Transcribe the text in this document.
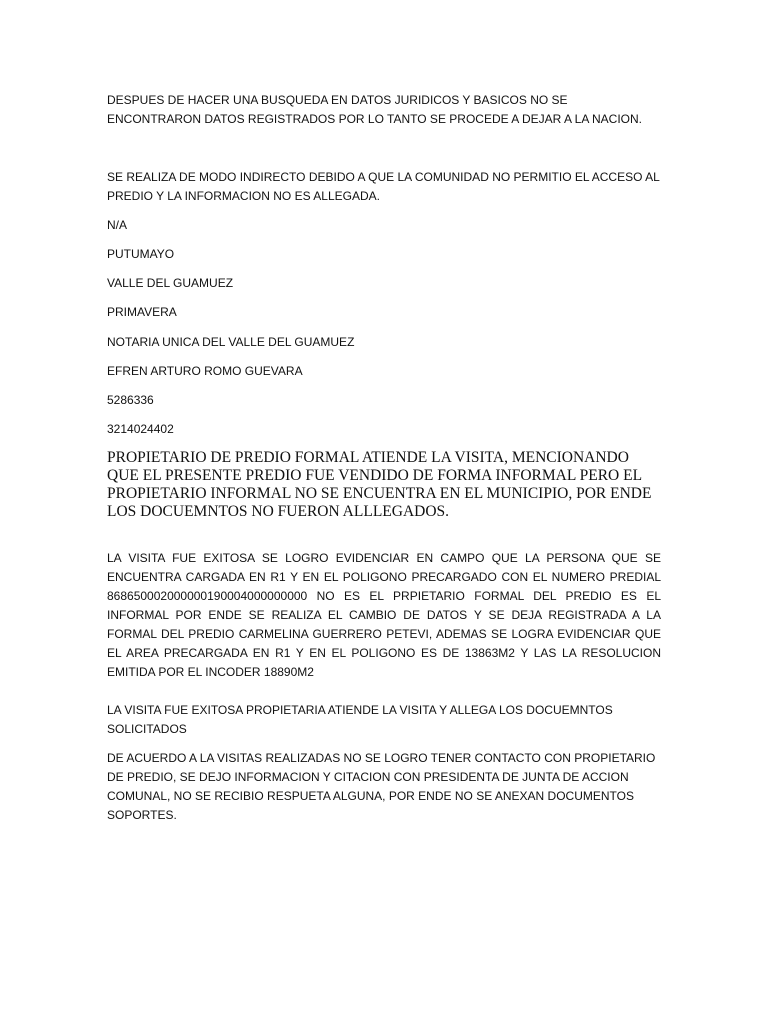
DESPUES DE HACER UNA BUSQUEDA EN DATOS JURIDICOS Y BASICOS NO SE ENCONTRARON DATOS REGISTRADOS POR LO TANTO SE PROCEDE A DEJAR A LA NACION.

SE REALIZA DE MODO INDIRECTO DEBIDO A QUE LA COMUNIDAD NO PERMITIO EL ACCESO AL PREDIO Y LA INFORMACION NO ES ALLEGADA.

N/A

PUTUMAYO

VALLE DEL GUAMUEZ

PRIMAVERA

NOTARIA UNICA DEL VALLE DEL GUAMUEZ

EFREN ARTURO ROMO GUEVARA

5286336

3214024402

PROPIETARIO DE PREDIO FORMAL ATIENDE LA VISITA, MENCIONANDO QUE EL PRESENTE PREDIO FUE VENDIDO DE FORMA INFORMAL PERO EL PROPIETARIO INFORMAL NO SE ENCUENTRA EN EL MUNICIPIO, POR ENDE LOS DOCUEMNTOS NO FUERON ALLLEGADOS.

LA VISITA FUE EXITOSA SE LOGRO EVIDENCIAR EN CAMPO QUE LA PERSONA QUE SE ENCUENTRA CARGADA EN R1 Y EN EL POLIGONO PRECARGADO CON EL NUMERO PREDIAL 868650002000000190004000000000 NO ES EL PRPIETARIO FORMAL DEL PREDIO ES EL INFORMAL POR ENDE SE REALIZA EL CAMBIO DE DATOS Y SE DEJA REGISTRADA A LA FORMAL DEL PREDIO CARMELINA GUERRERO PETEVI, ADEMAS SE LOGRA EVIDENCIAR QUE EL AREA PRECARGADA EN R1 Y EN EL POLIGONO ES DE 13863M2 Y LAS LA RESOLUCION EMITIDA POR EL INCODER 18890M2

LA VISITA FUE EXITOSA PROPIETARIA ATIENDE LA VISITA Y ALLEGA LOS DOCUEMNTOS SOLICITADOS

DE ACUERDO A LA VISITAS REALIZADAS NO SE LOGRO TENER CONTACTO CON PROPIETARIO DE PREDIO, SE DEJO INFORMACION Y CITACION CON PRESIDENTA DE JUNTA DE ACCION COMUNAL, NO SE RECIBIO RESPUETA ALGUNA, POR ENDE NO SE ANEXAN DOCUMENTOS SOPORTES.
